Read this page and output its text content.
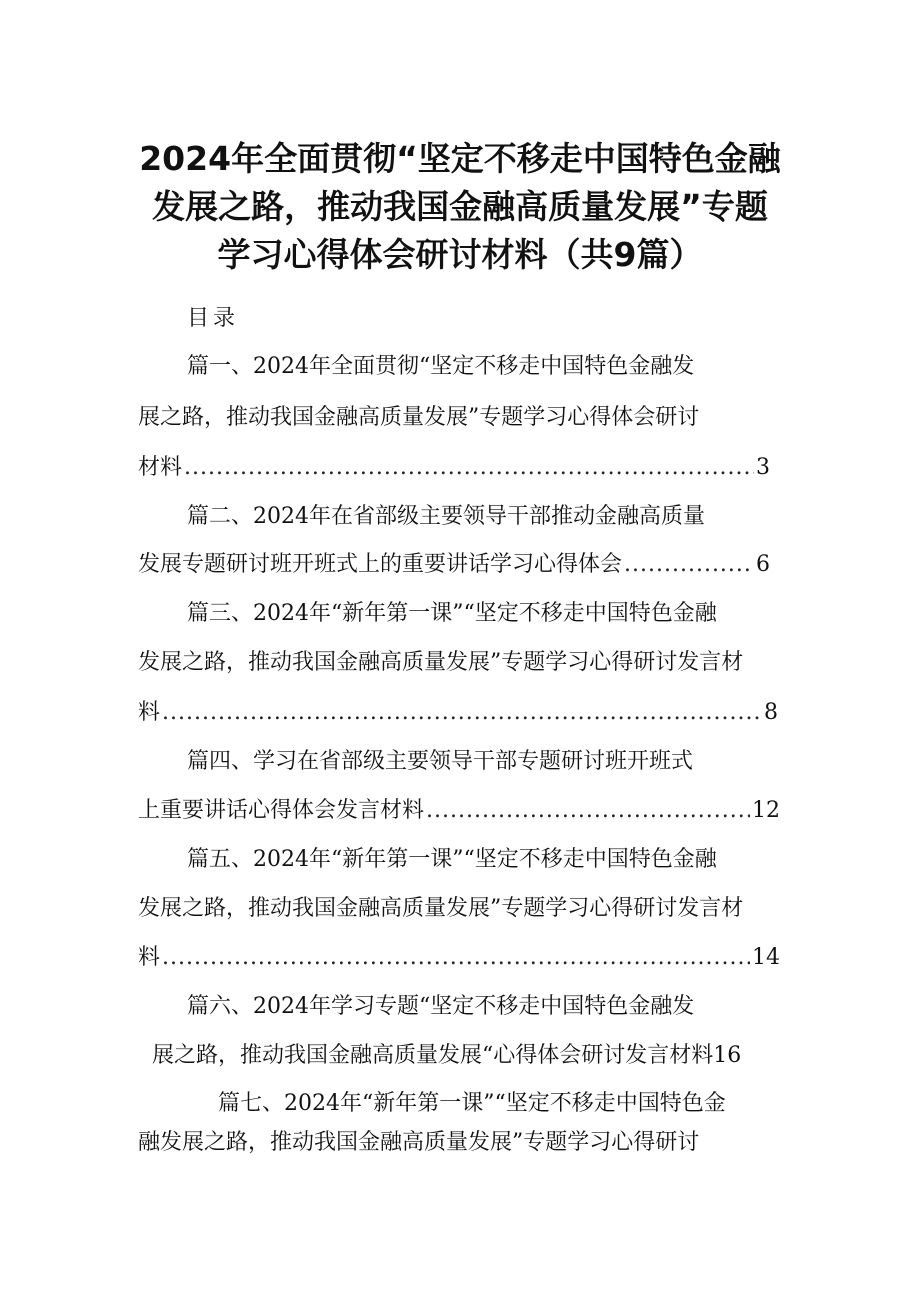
2024年全面贯彻“坚定不移走中国特色金融
发展之路，推动我国金融高质量发展”专题
学习心得体会研讨材料（共9篇）
目录
篇一、2024年全面贯彻“坚定不移走中国特色金融发
展之路，推动我国金融高质量发展”专题学习心得体会研讨
材料 .....	3
篇二、2024年在省部级主要领导干部推动金融高质量
发展专题研讨班开班式上的重要讲话学习心得体会 .....	6
篇三、2024年“新年第一课”“坚定不移走中国特色金融
发展之路，推动我国金融高质量发展”专题学习心得研讨发言材
料 .....	8
篇四、学习在省部级主要领导干部专题研讨班开班式
上重要讲话心得体会发言材料 .....	12
篇五、2024年“新年第一课”“坚定不移走中国特色金融
发展之路，推动我国金融高质量发展”专题学习心得研讨发言材
料 .....	14
篇六、2024年学习专题“坚定不移走中国特色金融发
展之路，推动我国金融高质量发展“心得体会研讨发言材料16
篇七、2024年“新年第一课”“坚定不移走中国特色金
融发展之路，推动我国金融高质量发展”专题学习心得研讨
